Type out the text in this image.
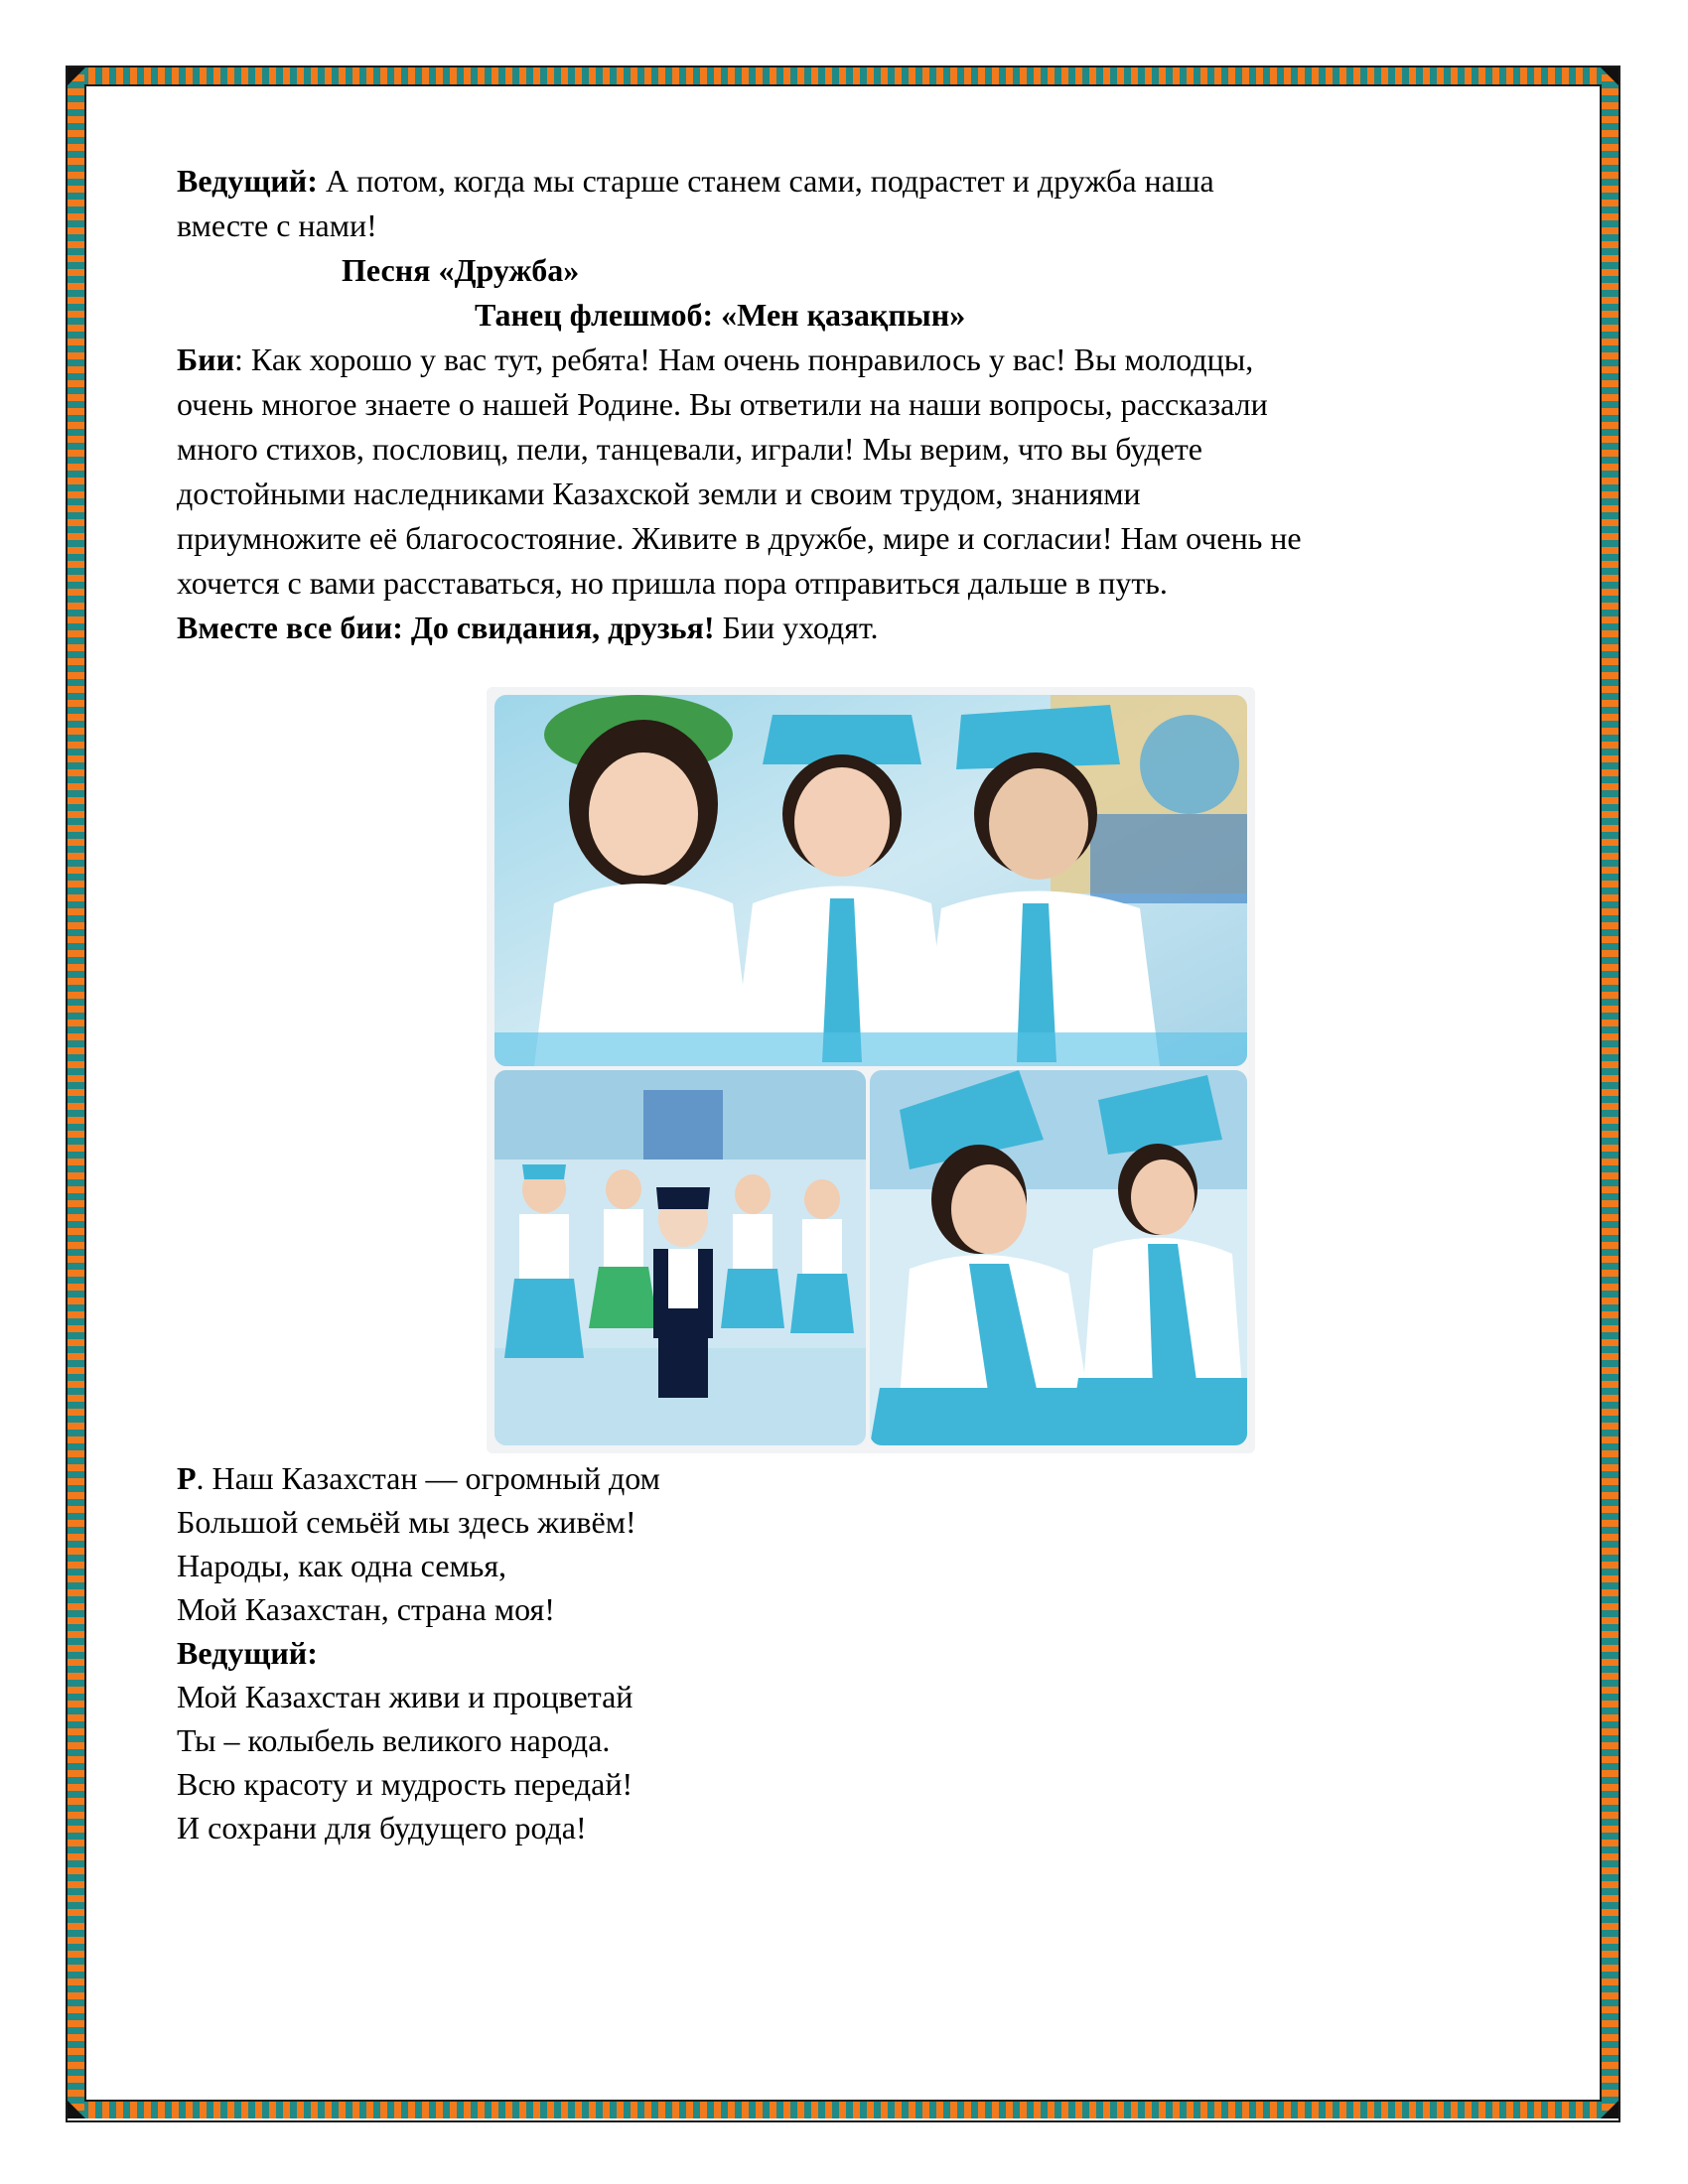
Ведущий: А потом, когда мы старше станем сами, подрастет и дружба наша

вместе с нами!

Песня «Дружба»

Танец флешмоб: «Мен қазақпын»

Бии: Как хорошо у вас тут, ребята! Нам очень понравилось у вас! Вы молодцы,

очень многое знаете о нашей Родине. Вы ответили на наши вопросы, рассказали

много стихов, пословиц, пели, танцевали, играли! Мы верим, что вы будете

достойными наследниками Казахской земли и своим трудом, знаниями

приумножите её благосостояние. Живите в дружбе, мире и согласии! Нам очень не

хочется с вами расставаться, но пришла пора отправиться дальше в путь.

Вместе все бии: До свидания, друзья! Бии уходят.

Р. Наш Казахстан — огромный дом

Большой семьёй мы здесь живём!

Народы, как одна семья,

Мой Казахстан, страна моя!

Ведущий:

Мой Казахстан живи и процветай

Ты – колыбель великого народа.

Всю красоту и мудрость передай!

И сохрани для будущего рода!
